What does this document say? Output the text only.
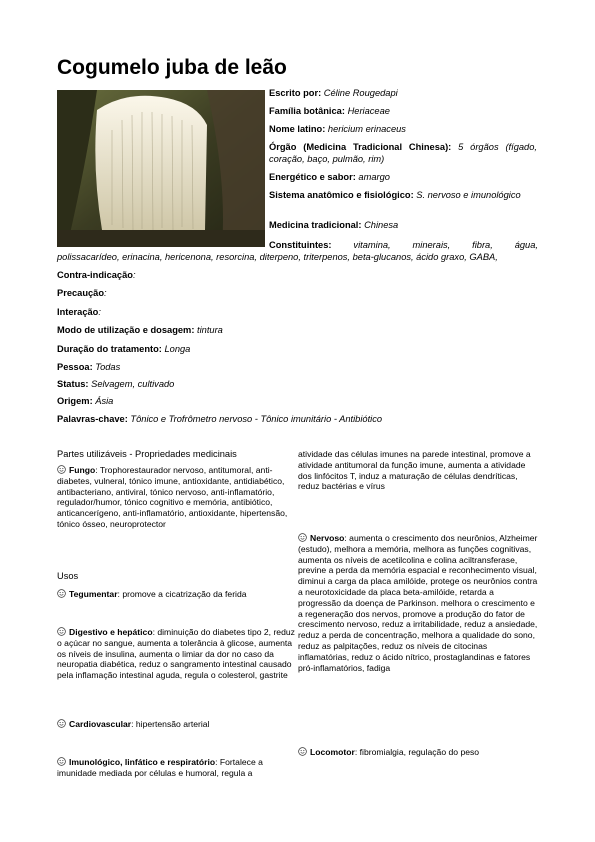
Cogumelo juba de leão
Escrito por: Céline Rougedapi
Família botânica: Heriaceae
Nome latino: hericium erinaceus
Órgão (Medicina Tradicional Chinesa): 5 órgãos (fígado, coração, baço, pulmão, rim)
Energético e sabor: amargo
Sistema anatômico e fisiológico: S. nervoso e imunológico
Medicina tradicional: Chinesa
Constituintes: vitamina, minerais, fibra, água,
polissacarídeo, erinacina, hericenona, resorcina, diterpeno, triterpenos, beta-glucanos, ácido graxo, GABA,
Contra-indicação:
Precaução:
Interação:
Modo de utilização e dosagem: tintura
Duração do tratamento: Longa
Pessoa: Todas
Status: Selvagem, cultivado
Origem: Ásia
Palavras-chave: Tônico e Trofrômetro nervoso - Tônico imunitário - Antibiótico
Partes utilizáveis - Propriedades medicinais
Fungo: Trophorestaurador nervoso, antitumoral, anti-diabetes, vulneral, tónico imune, antioxidante, antidiabético, antibacteriano, antiviral, tónico nervoso, anti-inflamatório, regulador/humor, tónico cognitivo e memória, antibiótico, anticancerígeno, anti-inflamatório, antioxidante, hipertensão, tónico ósseo, neuroprotector
Usos
Tegumentar: promove a cicatrização da ferida
Digestivo e hepático: diminuição do diabetes tipo 2, reduz o açúcar no sangue, aumenta a tolerância à glicose, aumenta os níveis de insulina, aumenta o limiar da dor no caso da neuropatia diabética, reduz o sangramento intestinal causado pela inflamação intestinal aguda, regula o colesterol, gastrite
Cardiovascular: hipertensão arterial
Imunológico, linfático e respiratório: Fortalece a imunidade mediada por células e humoral, regula a
atividade das células imunes na parede intestinal, promove a atividade antitumoral da função imune, aumenta a atividade dos linfócitos T, induz a maturação de células dendríticas, reduz bactérias e vírus
Nervoso: aumenta o crescimento dos neurônios, Alzheimer (estudo), melhora a memória, melhora as funções cognitivas, aumenta os níveis de acetilcolina e colina aciltransferase, previne a perda da memória espacial e reconhecimento visual, diminui a carga da placa amilóide, protege os neurônios contra a neurotoxicidade da placa beta-amilóide, retarda a progressão da doença de Parkinson. melhora o crescimento e a regeneração dos nervos, promove a produção do fator de crescimento nervoso, reduz a irritabilidade, reduz a ansiedade, reduz a perda de concentração, melhora a qualidade do sono, reduz as palpitações, reduz os níveis de citocinas inflamatórias, reduz o ácido nítrico, prostaglandinas e fatores pró-inflamatórios, fadiga
Locomotor: fibromialgia, regulação do peso
